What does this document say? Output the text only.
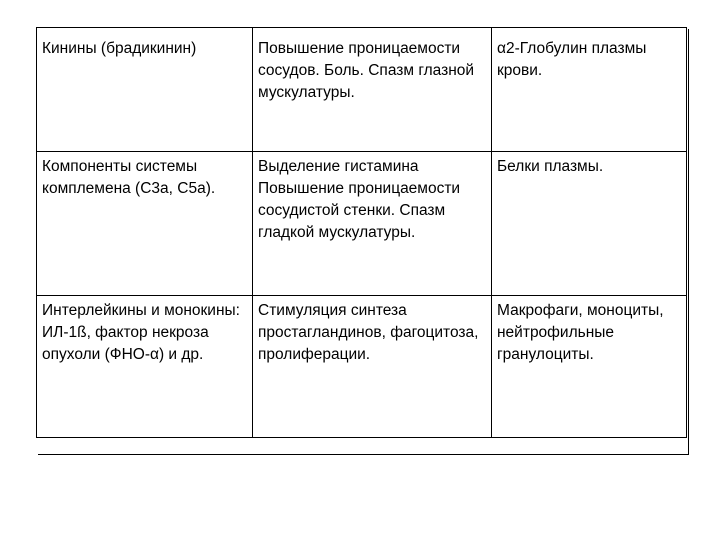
Кинины (брадикинин)	Повышение проницаемости сосудов. Боль. Спазм глазной мускулатуры.	α2-Глобулин плазмы крови.
Компоненты системы комплемена (С3а, С5а).	Выделение гистамина Повышение проницаемости сосудистой стенки. Спазм гладкой мускулатуры.	Белки плазмы.
Интерлейкины и монокины: ИЛ-1ß, фактор некроза опухоли (ФНО-α) и др.	Стимуляция синтеза простагландинов, фагоцитоза, пролиферации.	Макрофаги, моноциты, нейтрофильные гранулоциты.
